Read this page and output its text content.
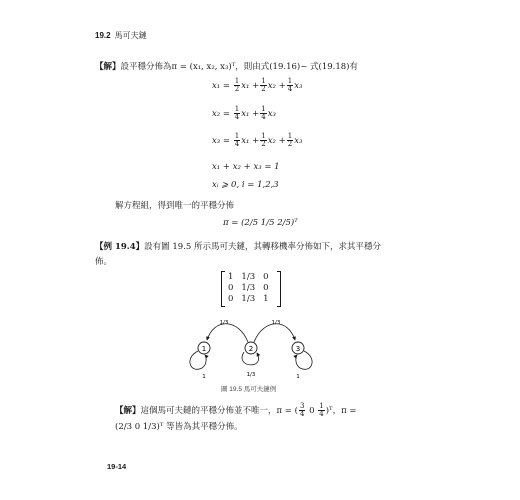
19.2 馬可夫鏈
【解】設平穩分佈為π = (x₁, x₂, x₃)ᵀ，則由式(19.16)~ 式(19.18)有
$x_1 = \frac{1}{2} x_1 + \frac{1}{2} x_2 + \frac{1}{4} x_3$
$x_2 = \frac{1}{4} x_1 + \frac{1}{4} x_3$
$x_3 = \frac{1}{4} x_1 + \frac{1}{2} x_2 + \frac{1}{2} x_3$
x₁ + x₂ + x₃ = 1
xᵢ ⩾ 0, i = 1,2,3
解方程組，得到唯一的平穩分佈
π = (2/5 1/5 2/5)ᵀ
【例 19.4】設有圖 19.5 所示馬可夫鏈，其轉移機率分佈如下，求其平穩分
佈。
1	1/3	0
0	1/3	0
0	1/3	1
1	2	3
1/3	1/3
1/3
1	1
圖 19.5 馬可夫鏈例
【解】這個馬可夫鏈的平穩分佈並不唯一，π = ( $\frac{3}{4} 0 \frac{1}{4}$ )ᵀ，π =
(2/3 0 1/3)ᵀ 等皆為其平穩分佈。
19-14
